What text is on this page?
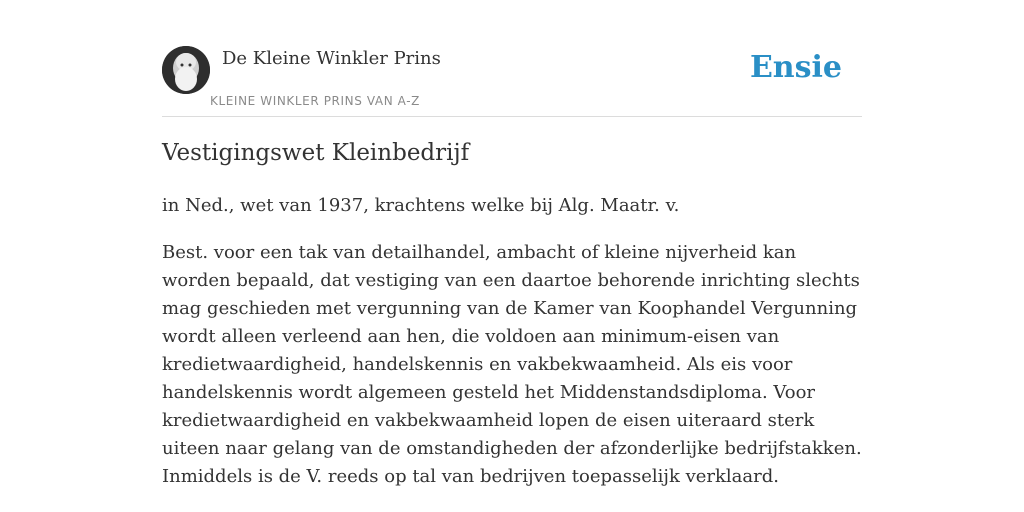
De Kleine Winkler Prins
KLEINE WINKLER PRINS VAN A-Z
Ensie
Vestigingswet Kleinbedrijf

in Ned., wet van 1937, krachtens welke bij Alg. Maatr. v.

Best. voor een tak van detailhandel, ambacht of kleine nijverheid kan worden bepaald, dat vestiging van een daartoe behorende inrichting slechts mag geschieden met vergunning van de Kamer van Koophandel Vergunning wordt alleen verleend aan hen, die voldoen aan minimum-eisen van kredietwaardigheid, handelskennis en vakbekwaamheid. Als eis voor handelskennis wordt algemeen gesteld het Middenstandsdiploma. Voor kredietwaardigheid en vakbekwaamheid lopen de eisen uiteraard sterk uiteen naar gelang van de omstandigheden der afzonderlijke bedrijfstakken. Inmiddels is de V. reeds op tal van bedrijven toepasselijk verklaard.
